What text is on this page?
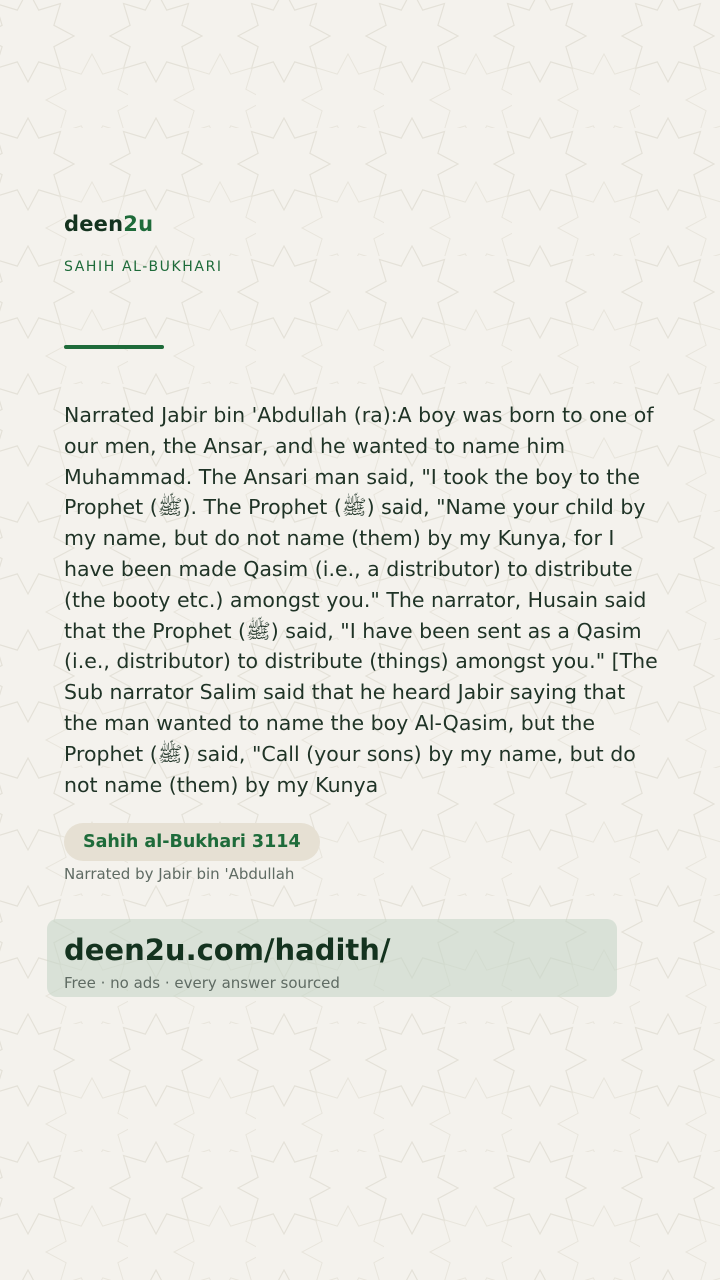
deen2u
SAHIH AL-BUKHARI

Narrated Jabir bin 'Abdullah (ra):A boy was born to one of our men, the Ansar, and he wanted to name him Muhammad. The Ansari man said, "I took the boy to the Prophet (ﷺ). The Prophet (ﷺ) said, "Name your child by my name, but do not name (them) by my Kunya, for I have been made Qasim (i.e., a distributor) to distribute (the booty etc.) amongst you." The narrator, Husain said that the Prophet (ﷺ) said, "I have been sent as a Qasim (i.e., distributor) to distribute (things) amongst you." [The Sub narrator Salim said that he heard Jabir saying that the man wanted to name the boy Al-Qasim, but the Prophet (ﷺ) said, "Call (your sons) by my name, but do not name (them) by my Kunya

Sahih al-Bukhari 3114
Narrated by Jabir bin 'Abdullah
deen2u.com/hadith/
Free · no ads · every answer sourced
